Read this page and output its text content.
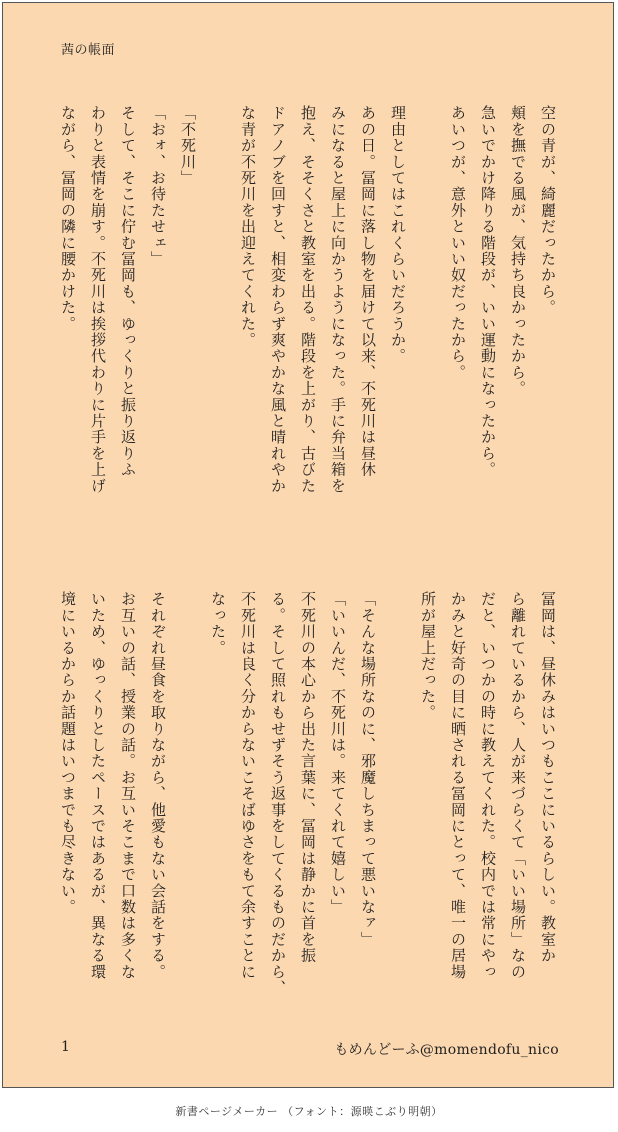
茜の帳面
空の青が、綺麗だったから。
頬を撫でる風が、気持ち良かったから。
急いでかけ降りる階段が、いい運動になったから。
あいつが、意外といい奴だったから。

理由としてはこれくらいだろうか。
あの日。冨岡に落し物を届けて以来、不死川は昼休
みになると屋上に向かうようになった。手に弁当箱を
抱え、そそくさと教室を出る。階段を上がり、古びた
ドアノブを回すと、相変わらず爽やかな風と晴れやか
な青が不死川を出迎えてくれた。

「不死川」
「おォ、お待たせェ」
そして、そこに佇む冨岡も、ゆっくりと振り返りふ
わりと表情を崩す。不死川は挨拶代わりに片手を上げ
ながら、冨岡の隣に腰かけた。
冨岡は、昼休みはいつもここにいるらしい。教室か
ら離れているから、人が来づらくて「いい場所」なの
だと、いつかの時に教えてくれた。校内では常にやっ
かみと好奇の目に晒される冨岡にとって、唯一の居場
所が屋上だった。

「そんな場所なのに、邪魔しちまって悪いなァ」
「いいんだ、不死川は。来てくれて嬉しい」
不死川の本心から出た言葉に、冨岡は静かに首を振
る。そして照れもせずそう返事をしてくるものだから、
不死川は良く分からないこそばゆさをもて余すことに
なった。

それぞれ昼食を取りながら、他愛もない会話をする。
お互いの話、授業の話。お互いそこまで口数は多くな
いため、ゆっくりとしたペースではあるが、異なる環
境にいるからか話題はいつまでも尽きない。
1	もめんどーふ@momendofu_nico
新書ページメーカー （フォント：源暎こぶり明朝）
